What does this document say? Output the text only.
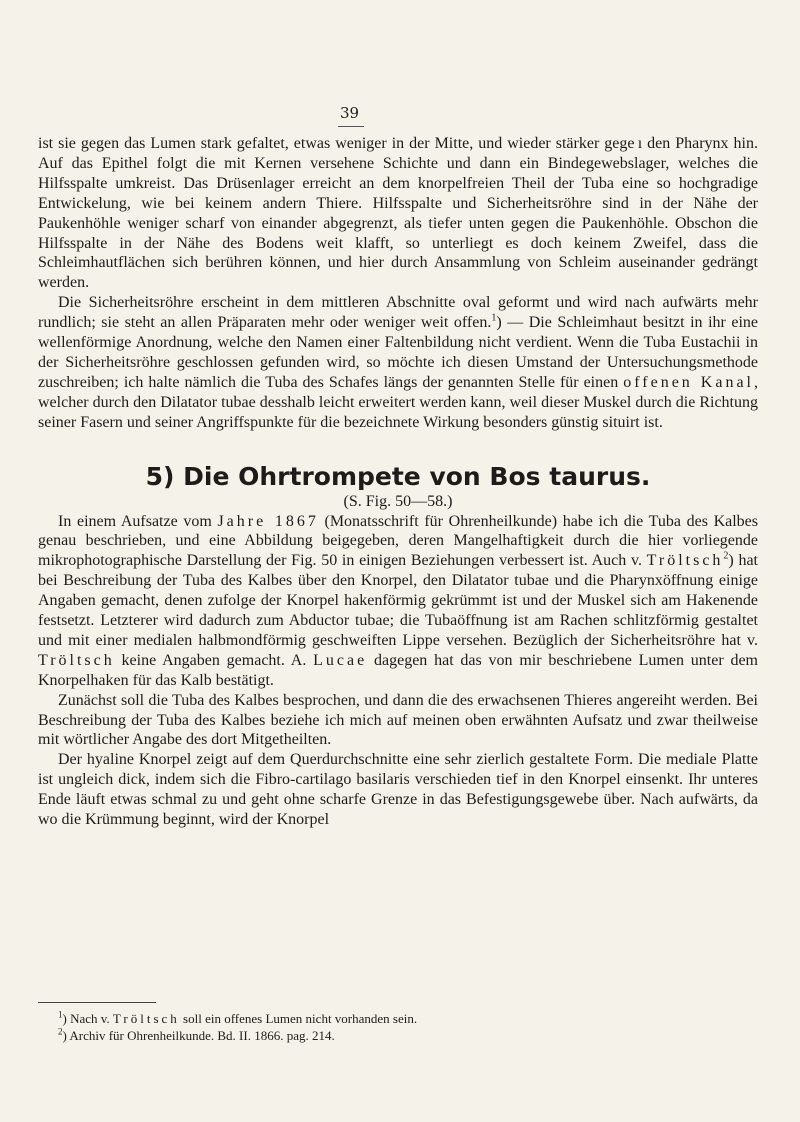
39

ist sie gegen das Lumen stark gefaltet, etwas weniger in der Mitte, und wieder stärker gege ı den Pharynx hin. Auf das Epithel folgt die mit Kernen versehene Schichte und dann ein Bindegewebslager, welches die Hilfsspalte umkreist. Das Drüsenlager erreicht an dem knorpelfreien Theil der Tuba eine so hochgradige Entwickelung, wie bei keinem andern Thiere. Hilfsspalte und Sicherheitsröhre sind in der Nähe der Paukenhöhle weniger scharf von einander abgegrenzt, als tiefer unten gegen die Paukenhöhle. Obschon die Hilfsspalte in der Nähe des Bodens weit klafft, so unterliegt es doch keinem Zweifel, dass die Schleimhautflächen sich berühren können, und hier durch Ansammlung von Schleim auseinander gedrängt werden.

Die Sicherheitsröhre erscheint in dem mittleren Abschnitte oval geformt und wird nach aufwärts mehr rundlich; sie steht an allen Präparaten mehr oder weniger weit offen.$^1$) — Die Schleimhaut besitzt in ihr eine wellenförmige Anordnung, welche den Namen einer Faltenbildung nicht verdient. Wenn die Tuba Eustachii in der Sicherheitsröhre geschlossen gefunden wird, so möchte ich diesen Umstand der Untersuchungsmethode zuschreiben; ich halte nämlich die Tuba des Schafes längs der genannten Stelle für einen offenen Kanal, welcher durch den Dilatator tubae desshalb leicht erweitert werden kann, weil dieser Muskel durch die Richtung seiner Fasern und seiner Angriffspunkte für die bezeichnete Wirkung besonders günstig situirt ist.

5) Die Ohrtrompete von Bos taurus.

(S. Fig. 50—58.)

In einem Aufsatze vom Jahre 1867 (Monatsschrift für Ohrenheilkunde) habe ich die Tuba des Kalbes genau beschrieben, und eine Abbildung beigegeben, deren Mangelhaftigkeit durch die hier vorliegende mikrophotographische Darstellung der Fig. 50 in einigen Beziehungen verbessert ist. Auch v. Tröltsch$^2$) hat bei Beschreibung der Tuba des Kalbes über den Knorpel, den Dilatator tubae und die Pharynxöffnung einige Angaben gemacht, denen zufolge der Knorpel hakenförmig gekrümmt ist und der Muskel sich am Hakenende festsetzt. Letzterer wird dadurch zum Abductor tubae; die Tubaöffnung ist am Rachen schlitzförmig gestaltet und mit einer medialen halbmondförmig geschweiften Lippe versehen. Bezüglich der Sicherheitsröhre hat v. Tröltsch keine Angaben gemacht. A. Lucae dagegen hat das von mir beschriebene Lumen unter dem Knorpelhaken für das Kalb bestätigt.

Zunächst soll die Tuba des Kalbes besprochen, und dann die des erwachsenen Thieres angereiht werden. Bei Beschreibung der Tuba des Kalbes beziehe ich mich auf meinen oben erwähnten Aufsatz und zwar theilweise mit wörtlicher Angabe des dort Mitgetheilten.

Der hyaline Knorpel zeigt auf dem Querdurchschnitte eine sehr zierlich gestaltete Form. Die mediale Platte ist ungleich dick, indem sich die Fibro-cartilago basilaris verschieden tief in den Knorpel einsenkt. Ihr unteres Ende läuft etwas schmal zu und geht ohne scharfe Grenze in das Befestigungsgewebe über. Nach aufwärts, da wo die Krümmung beginnt, wird der Knorpel

$^1$) Nach v. Tröltsch soll ein offenes Lumen nicht vorhanden sein.

$^2$) Archiv für Ohrenheilkunde. Bd. II. 1866. pag. 214.
